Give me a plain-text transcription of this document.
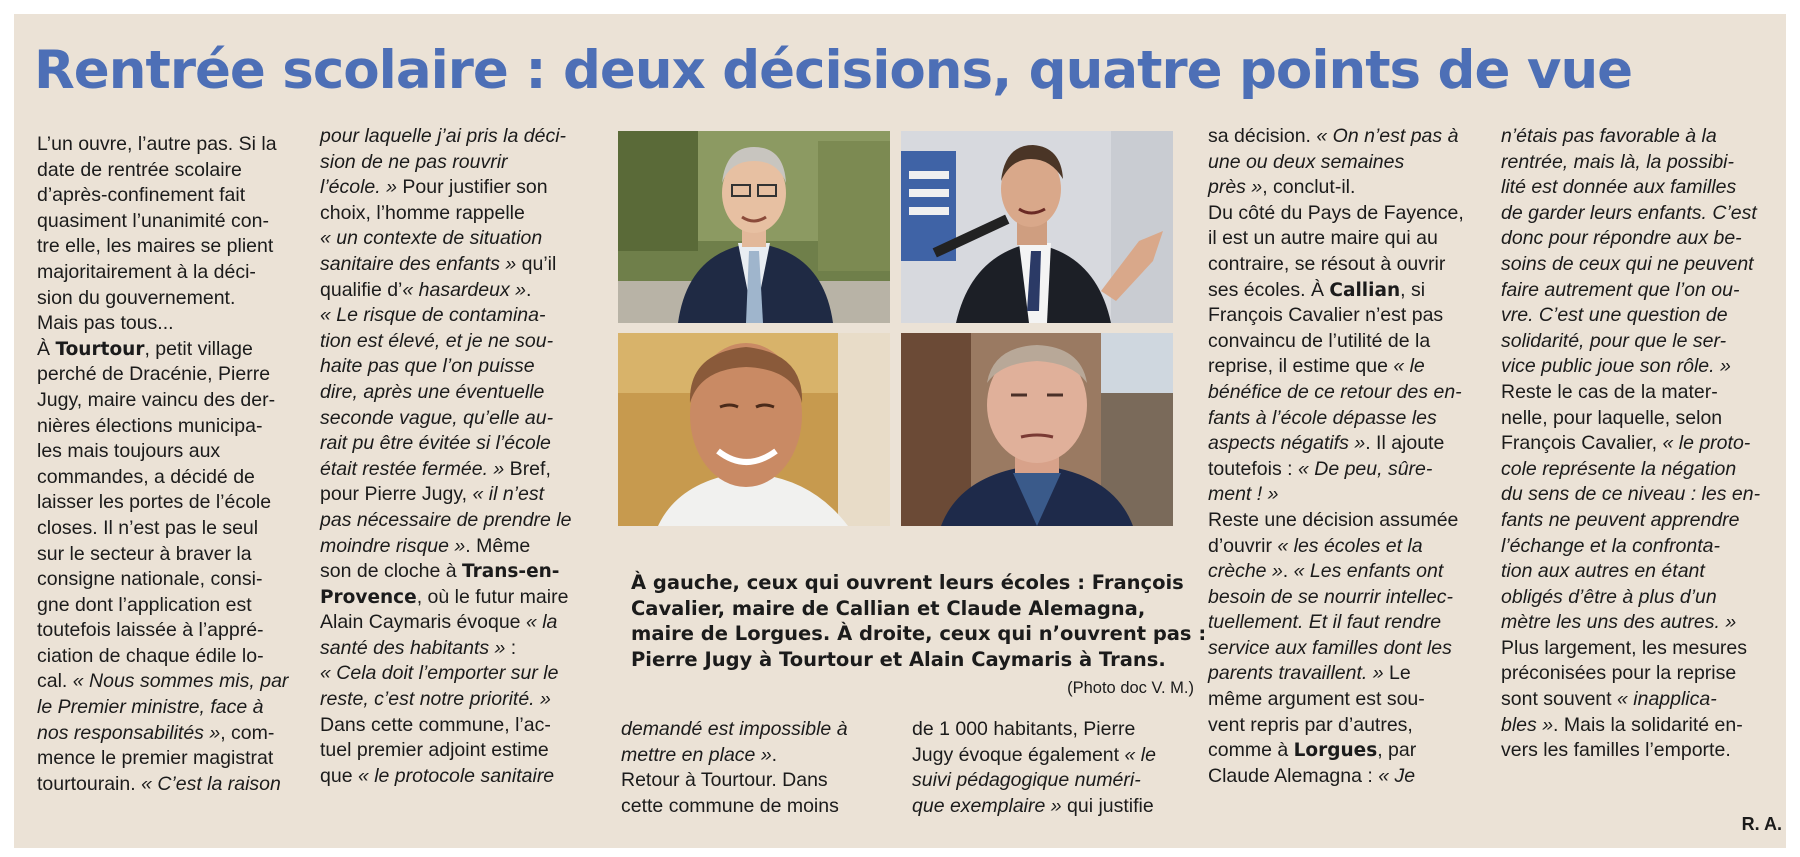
Rentrée scolaire : deux décisions, quatre points de vue
L’un ouvre, l’autre pas. Si la
date de rentrée scolaire
d’après-confinement fait
quasiment l’unanimité con-
tre elle, les maires se plient
majoritairement à la déci-
sion du gouvernement.
Mais pas tous...
À Tourtour, petit village
perché de Dracénie, Pierre
Jugy, maire vaincu des der-
nières élections municipa-
les mais toujours aux
commandes, a décidé de
laisser les portes de l’école
closes. Il n’est pas le seul
sur le secteur à braver la
consigne nationale, consi-
gne dont l’application est
toutefois laissée à l’appré-
ciation de chaque édile lo-
cal. « Nous sommes mis, par
le Premier ministre, face à
nos responsabilités », com-
mence le premier magistrat
tourtourain. « C’est la raison
pour laquelle j’ai pris la déci-
sion de ne pas rouvrir
l’école. » Pour justifier son
choix, l’homme rappelle
« un contexte de situation
sanitaire des enfants » qu’il
qualifie d’« hasardeux ».
« Le risque de contamina-
tion est élevé, et je ne sou-
haite pas que l’on puisse
dire, après une éventuelle
seconde vague, qu’elle au-
rait pu être évitée si l’école
était restée fermée. » Bref,
pour Pierre Jugy, « il n’est
pas nécessaire de prendre le
moindre risque ». Même
son de cloche à Trans-en-
Provence, où le futur maire
Alain Caymaris évoque « la
santé des habitants » :
« Cela doit l’emporter sur le
reste, c’est notre priorité. »
Dans cette commune, l’ac-
tuel premier adjoint estime
que « le protocole sanitaire
demandé est impossible à
mettre en place ».
Retour à Tourtour. Dans
cette commune de moins
de 1 000 habitants, Pierre
Jugy évoque également « le
suivi pédagogique numéri-
que exemplaire » qui justifie
sa décision. « On n’est pas à
une ou deux semaines
près », conclut-il.
Du côté du Pays de Fayence,
il est un autre maire qui au
contraire, se résout à ouvrir
ses écoles. À Callian, si
François Cavalier n’est pas
convaincu de l’utilité de la
reprise, il estime que « le
bénéfice de ce retour des en-
fants à l’école dépasse les
aspects négatifs ». Il ajoute
toutefois : « De peu, sûre-
ment ! »
Reste une décision assumée
d’ouvrir « les écoles et la
crèche ». « Les enfants ont
besoin de se nourrir intellec-
tuellement. Et il faut rendre
service aux familles dont les
parents travaillent. » Le
même argument est sou-
vent repris par d’autres,
comme à Lorgues, par
Claude Alemagna : « Je
n’étais pas favorable à la
rentrée, mais là, la possibi-
lité est donnée aux familles
de garder leurs enfants. C’est
donc pour répondre aux be-
soins de ceux qui ne peuvent
faire autrement que l’on ou-
vre. C’est une question de
solidarité, pour que le ser-
vice public joue son rôle. »
Reste le cas de la mater-
nelle, pour laquelle, selon
François Cavalier, « le proto-
cole représente la négation
du sens de ce niveau : les en-
fants ne peuvent apprendre
l’échange et la confronta-
tion aux autres en étant
obligés d’être à plus d’un
mètre les uns des autres. »
Plus largement, les mesures
préconisées pour la reprise
sont souvent « inapplica-
bles ». Mais la solidarité en-
vers les familles l’emporte.
À gauche, ceux qui ouvrent leurs écoles : François
Cavalier, maire de Callian et Claude Alemagna,
maire de Lorgues. À droite, ceux qui n’ouvrent pas :
Pierre Jugy à Tourtour et Alain Caymaris à Trans.
(Photo doc V. M.)
R. A.
